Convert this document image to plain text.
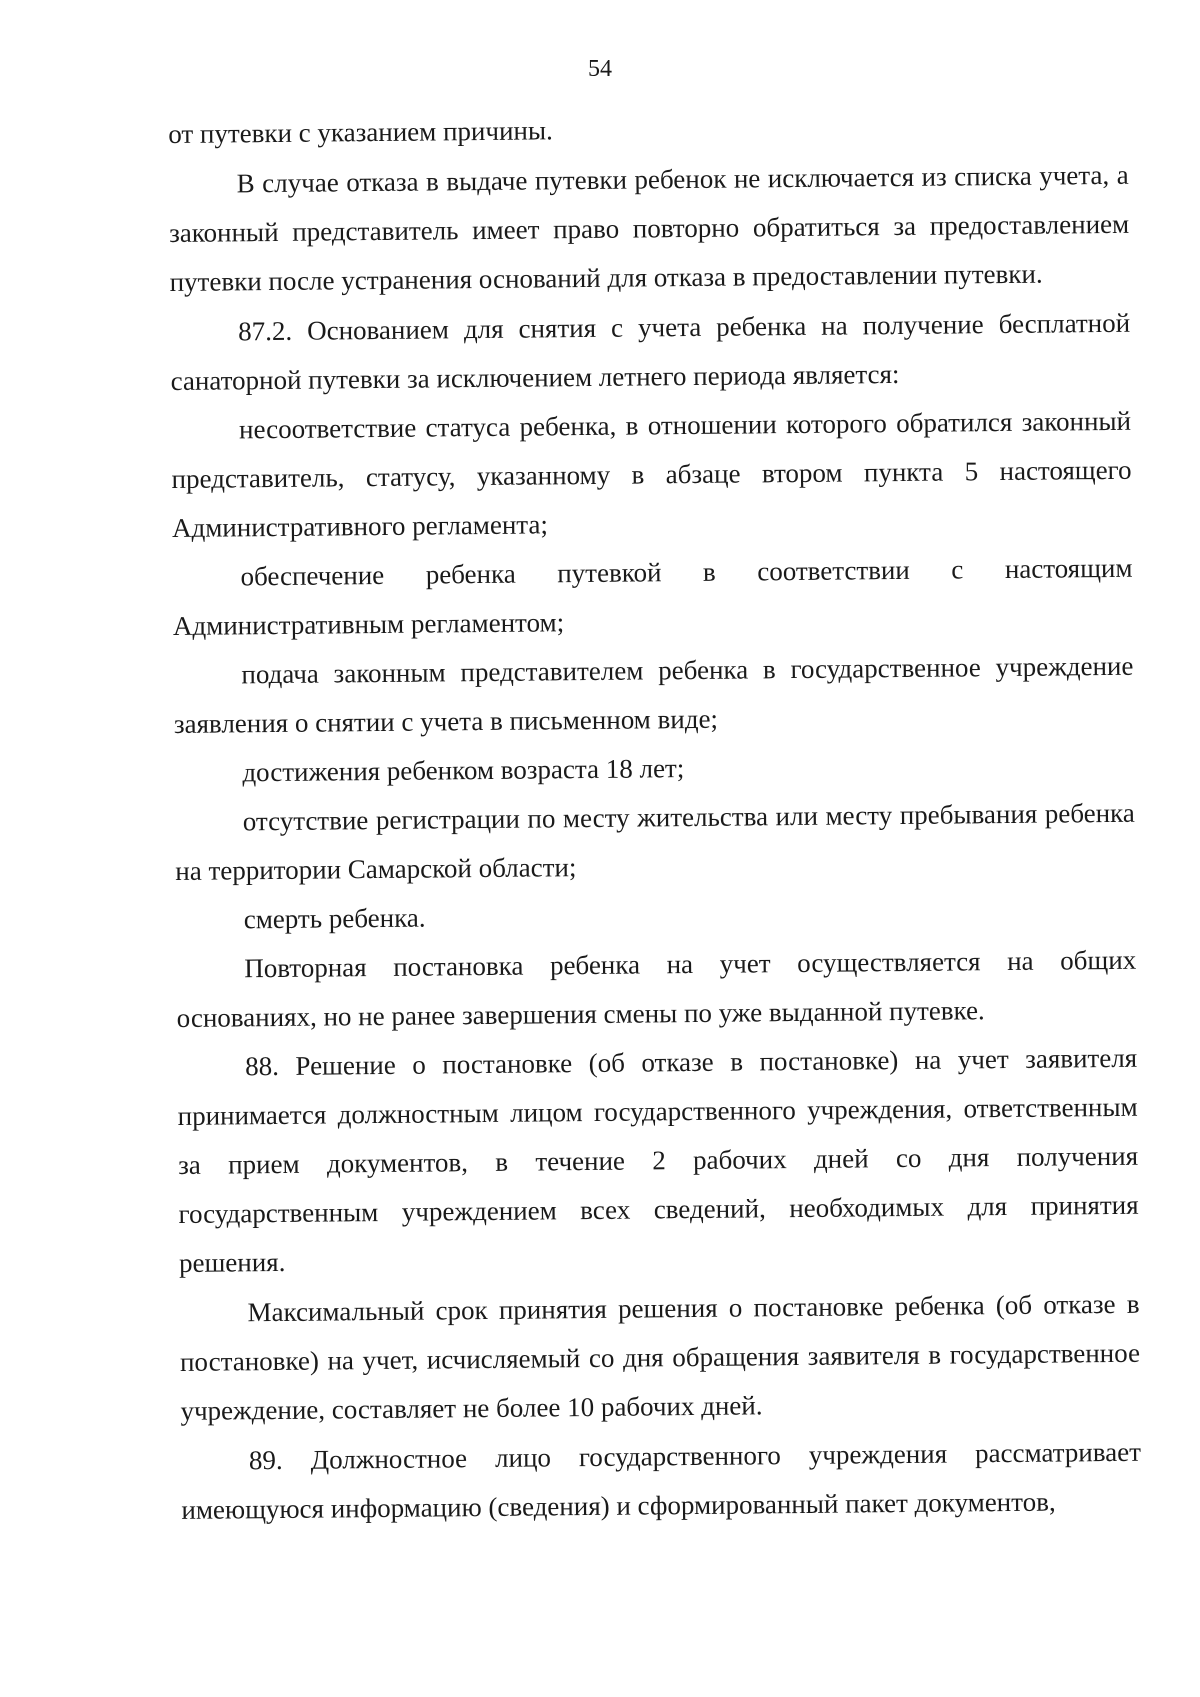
54

от путевки с указанием причины.

В случае отказа в выдаче путевки ребенок не исключается из списка учета, а законный представитель имеет право повторно обратиться за предоставлением путевки после устранения оснований для отказа в предоставлении путевки.

87.2. Основанием для снятия с учета ребенка на получение бесплатной санаторной путевки за исключением летнего периода является:

несоответствие статуса ребенка, в отношении которого обратился законный представитель, статусу, указанному в абзаце втором пункта 5 настоящего Административного регламента;

обеспечение ребенка путевкой в соответствии с настоящим Административным регламентом;

подача законным представителем ребенка в государственное учреждение заявления о снятии с учета в письменном виде;

достижения ребенком возраста 18 лет;

отсутствие регистрации по месту жительства или месту пребывания ребенка на территории Самарской области;

смерть ребенка.

Повторная постановка ребенка на учет осуществляется на общих основаниях, но не ранее завершения смены по уже выданной путевке.

88. Решение о постановке (об отказе в постановке) на учет заявителя принимается должностным лицом государственного учреждения, ответственным за прием документов, в течение 2 рабочих дней со дня получения государственным учреждением всех сведений, необходимых для принятия решения.

Максимальный срок принятия решения о постановке ребенка (об отказе в постановке) на учет, исчисляемый со дня обращения заявителя в государственное учреждение, составляет не более 10 рабочих дней.

89. Должностное лицо государственного учреждения рассматривает имеющуюся информацию (сведения) и сформированный пакет документов,
